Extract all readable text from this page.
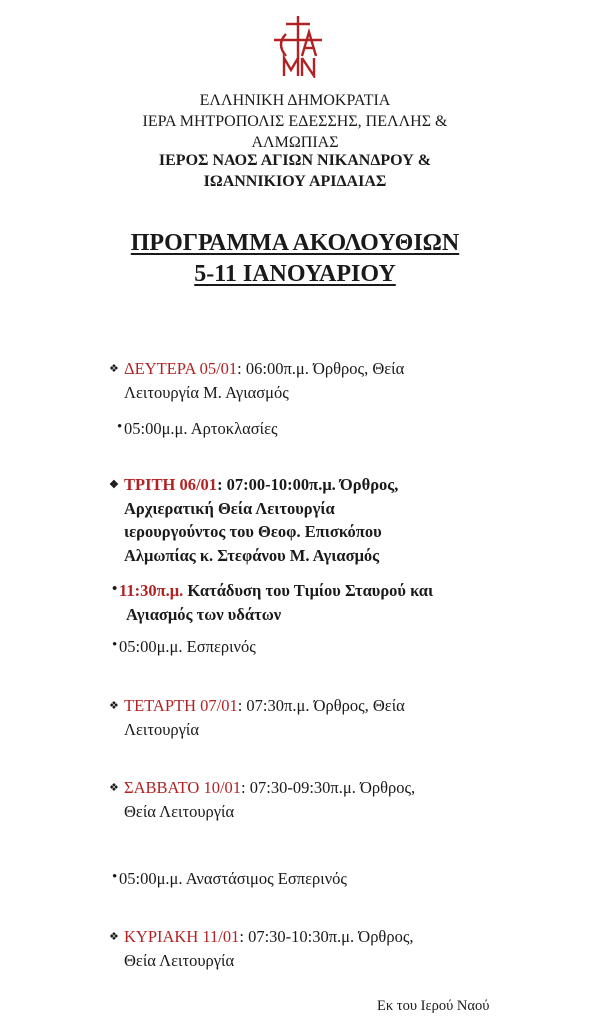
ΕΛΛΗΝΙΚΗ ΔΗΜΟΚΡΑΤΙΑ
ΙΕΡΑ ΜΗΤΡΟΠΟΛΙΣ ΕΔΕΣΣΗΣ, ΠΕΛΛΗΣ &
ΑΛΜΩΠΙΑΣ
ΙΕΡΟΣ ΝΑΟΣ ΑΓΙΩΝ ΝΙΚΑΝΔΡΟΥ &
ΙΩΑΝΝΙΚΙΟΥ ΑΡΙΔΑΙΑΣ
ΠΡΟΓΡΑΜΜΑ ΑΚΟΛΟΥΘΙΩΝ
5-11 ΙΑΝΟΥΑΡΙΟΥ
❖ ΔΕΥΤΕΡΑ 05/01: 06:00π.μ. Όρθρος, Θεία
Λειτουργία Μ. Αγιασμός
• 05:00μ.μ. Αρτοκλασίες
❖ ΤΡΙΤΗ 06/01: 07:00-10:00π.μ. Όρθρος,
Αρχιερατική Θεία Λειτουργία
ιερουργούντος του Θεοφ. Επισκόπου
Αλμωπίας κ. Στεφάνου Μ. Αγιασμός
• 11:30π.μ. Κατάδυση του Τιμίου Σταυρού και
Αγιασμός των υδάτων
• 05:00μ.μ. Εσπερινός
❖ ΤΕΤΑΡΤΗ 07/01: 07:30π.μ. Όρθρος, Θεία
Λειτουργία
❖ ΣΑΒΒΑΤΟ 10/01: 07:30-09:30π.μ. Όρθρος,
Θεία Λειτουργία
• 05:00μ.μ. Αναστάσιμος Εσπερινός
❖ ΚΥΡΙΑΚΗ 11/01: 07:30-10:30π.μ. Όρθρος,
Θεία Λειτουργία
Εκ του Ιερού Ναού
